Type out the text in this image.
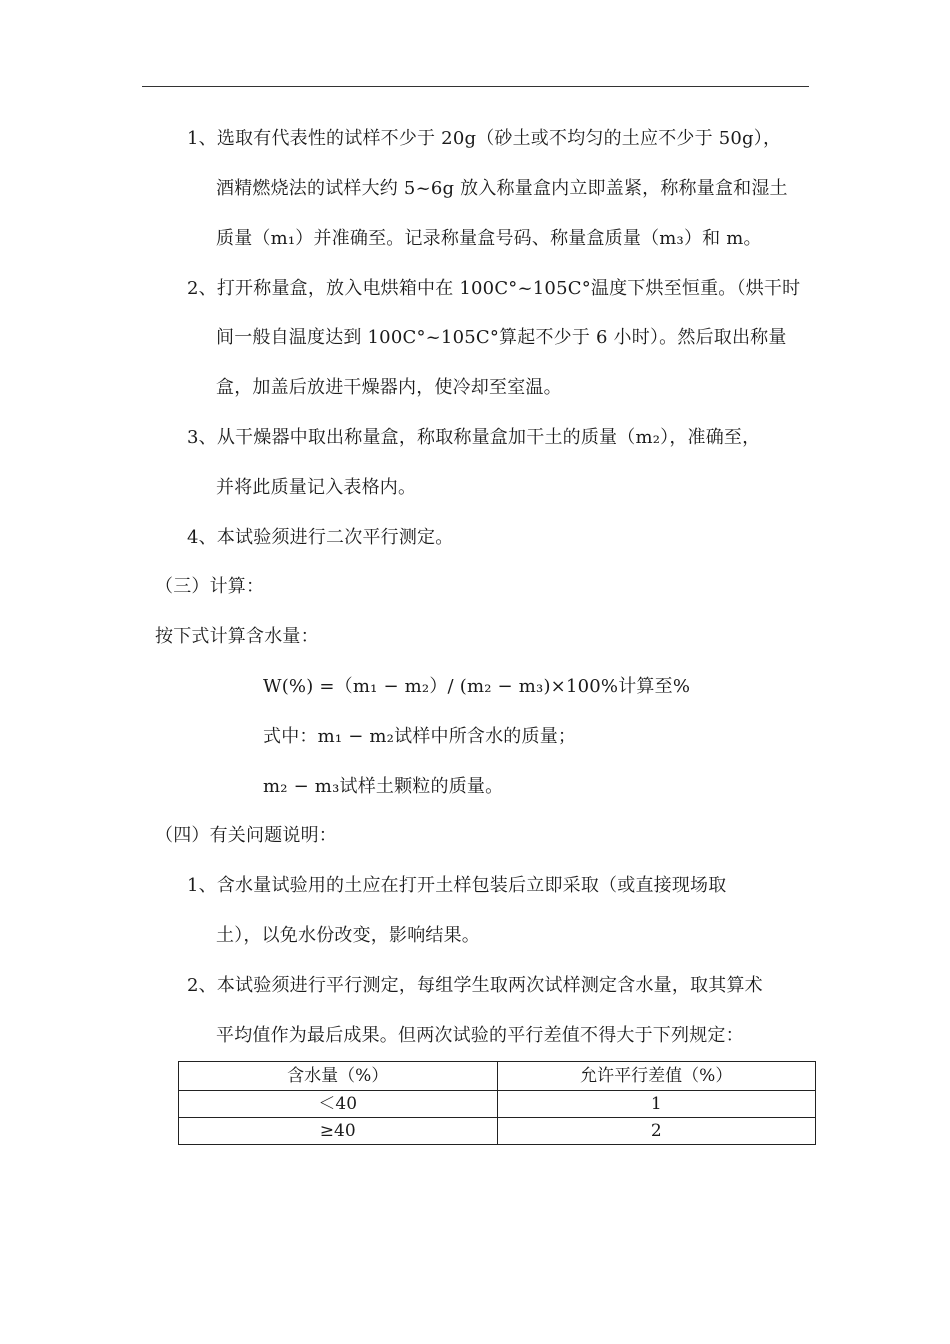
1、选取有代表性的试样不少于 20g（砂土或不均匀的土应不少于 50g），
酒精燃烧法的试样大约 5~6g 放入称量盒内立即盖紧，称称量盒和湿土
质量（m₁）并准确至。记录称量盒号码、称量盒质量（m₃）和 m。
2、打开称量盒，放入电烘箱中在 100C°~105C°温度下烘至恒重。（烘干时
间一般自温度达到 100C°~105C°算起不少于 6 小时）。然后取出称量
盒，加盖后放进干燥器内，使冷却至室温。
3、从干燥器中取出称量盒，称取称量盒加干土的质量（m₂），准确至，
并将此质量记入表格内。
4、本试验须进行二次平行测定。
（三）计算：
按下式计算含水量：
W(%) =（m₁ − m₂）/ (m₂ − m₃)×100%计算至%
式中：m₁ − m₂试样中所含水的质量；
m₂ − m₃试样土颗粒的质量。
（四）有关问题说明：
1、含水量试验用的土应在打开土样包装后立即采取（或直接现场取
土），以免水份改变，影响结果。
2、本试验须进行平行测定，每组学生取两次试样测定含水量，取其算术
平均值作为最后成果。但两次试验的平行差值不得大于下列规定：
含水量（%）	允许平行差值（%）
＜40	1
≥40	2
